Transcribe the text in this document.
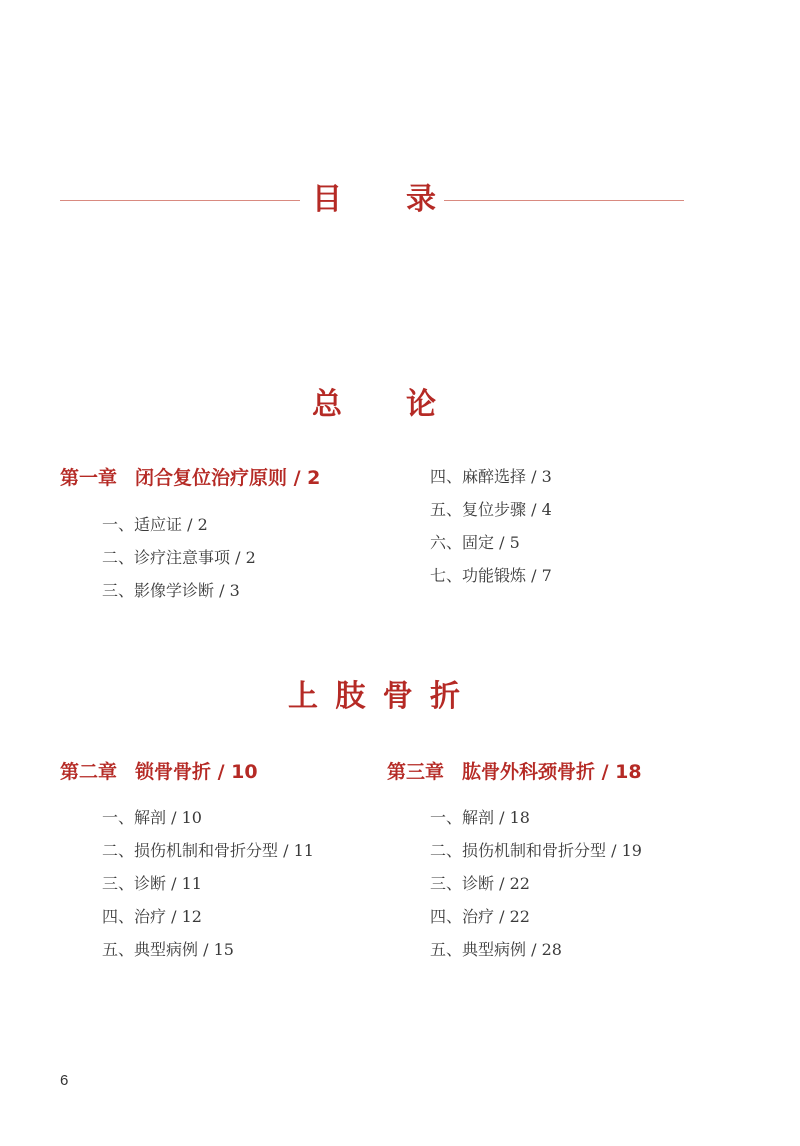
目 录
总 论
第一章 闭合复位治疗原则 / 2
一、适应证 / 2
二、诊疗注意事项 / 2
三、影像学诊断 / 3
四、麻醉选择 / 3
五、复位步骤 / 4
六、固定 / 5
七、功能锻炼 / 7
上 肢 骨 折
第二章 锁骨骨折 / 10
一、解剖 / 10
二、损伤机制和骨折分型 / 11
三、诊断 / 11
四、治疗 / 12
五、典型病例 / 15
第三章 肱骨外科颈骨折 / 18
一、解剖 / 18
二、损伤机制和骨折分型 / 19
三、诊断 / 22
四、治疗 / 22
五、典型病例 / 28
6
